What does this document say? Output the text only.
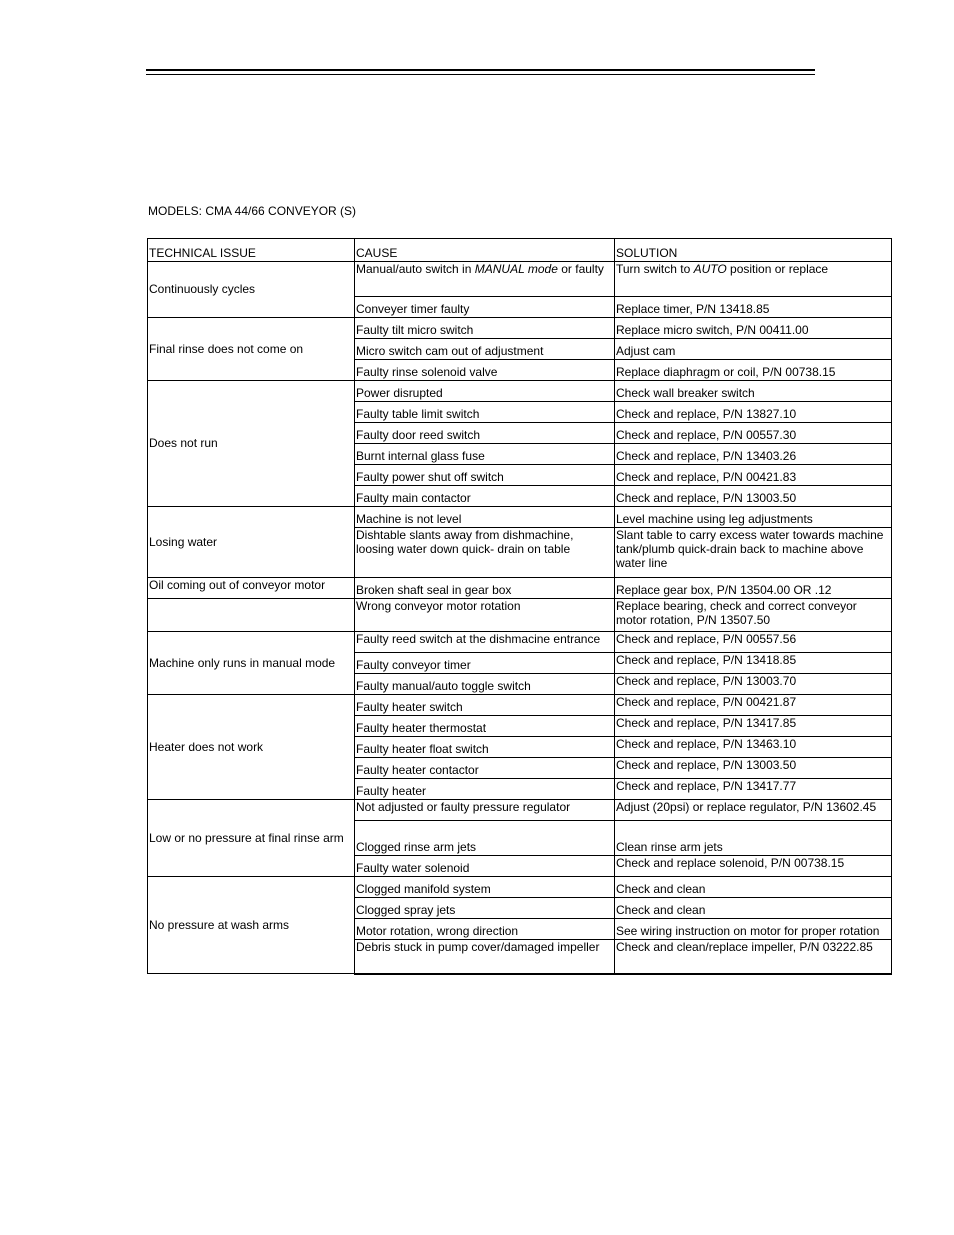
MODELS: CMA 44/66 CONVEYOR (S)
TECHNICAL ISSUE	CAUSE	SOLUTION
Continuously cycles	Manual/auto switch in MANUAL mode or faulty	Turn switch to AUTO position or replace
	Conveyer timer faulty	Replace timer, P/N 13418.85
Final rinse does not come on	Faulty tilt micro switch	Replace micro switch, P/N 00411.00
	Micro switch cam out of adjustment	Adjust cam
	Faulty rinse solenoid valve	Replace diaphragm or coil, P/N 00738.15
Does not run	Power disrupted	Check wall breaker switch
	Faulty table limit switch	Check and replace, P/N 13827.10
	Faulty door reed switch	Check and replace, P/N 00557.30
	Burnt internal glass fuse	Check and replace, P/N 13403.26
	Faulty power shut off switch	Check and replace, P/N 00421.83
	Faulty main contactor	Check and replace, P/N 13003.50
Losing water	Machine is not level	Level machine using leg adjustments
	Dishtable slants away from dishmachine, loosing water down quick- drain on table	Slant table to carry excess water towards machine tank/plumb quick-drain back to machine above water line
Oil coming out of conveyor motor	Broken shaft seal in gear box	Replace gear box, P/N 13504.00 OR .12
	Wrong conveyor motor rotation	Replace bearing, check and correct conveyor motor rotation, P/N 13507.50
Machine only runs in manual mode	Faulty reed switch at the dishmacine entrance	Check and replace, P/N 00557.56
	Faulty conveyor timer	Check and replace, P/N 13418.85
	Faulty manual/auto toggle switch	Check and replace, P/N 13003.70
Heater does not work	Faulty heater switch	Check and replace, P/N 00421.87
	Faulty heater thermostat	Check and replace, P/N 13417.85
	Faulty heater float switch	Check and replace, P/N 13463.10
	Faulty heater contactor	Check and replace, P/N 13003.50
	Faulty heater	Check and replace, P/N 13417.77
Low or no pressure at final rinse arm	Not adjusted or faulty pressure regulator	Adjust (20psi) or replace regulator, P/N 13602.45
	Clogged rinse arm jets	Clean rinse arm jets
	Faulty water solenoid	Check and replace solenoid, P/N 00738.15
No pressure at wash arms	Clogged manifold system	Check and clean
	Clogged spray jets	Check and clean
	Motor rotation, wrong direction	See wiring instruction on motor for proper rotation
	Debris stuck in pump cover/damaged impeller	Check and clean/replace impeller, P/N 03222.85
